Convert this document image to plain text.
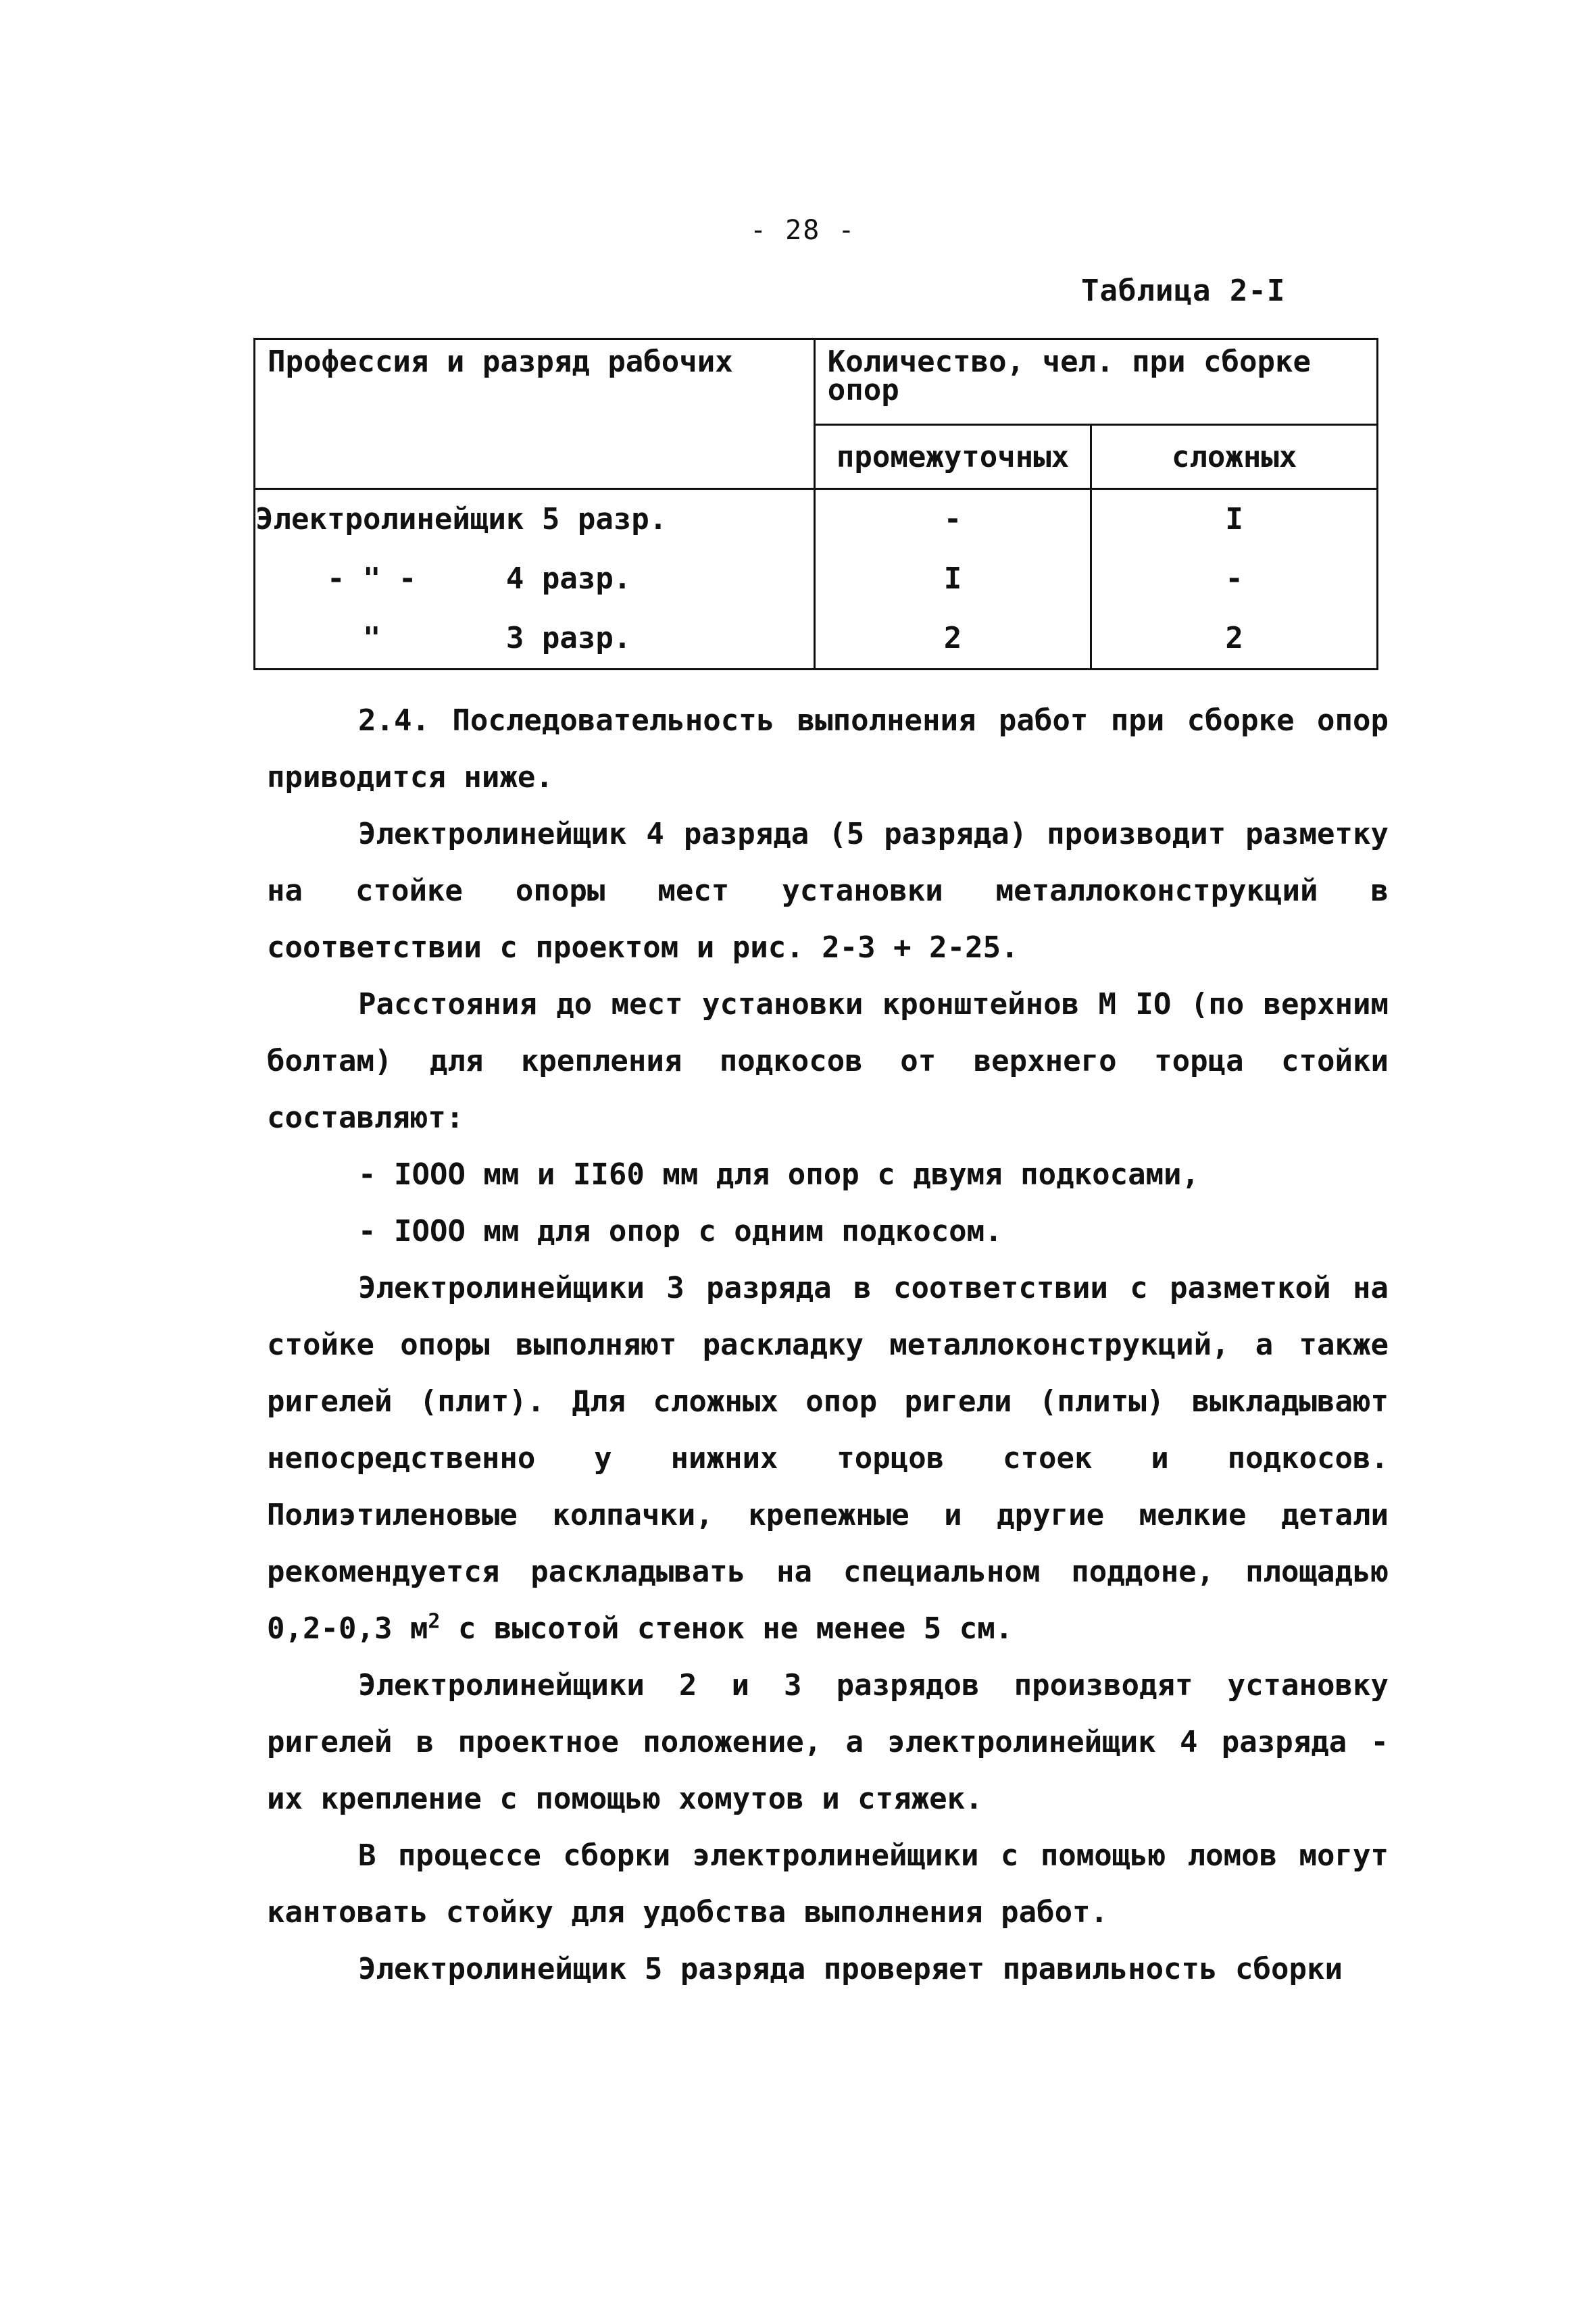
- 28 -
Таблица 2-I
Профессия и разряд рабочих	Количество, чел. при сборке опор	
	промежуточных	сложных
Электролинейщик 5 разр.	-	I
- " -     4 разр.	I	-
"       3 разр.	2	2

2.4. Последовательность выполнения работ при сборке опор приводится ниже.

Электролинейщик 4 разряда (5 разряда) производит разметку на стойке опоры мест установки металлоконструкций в соответствии с проектом и рис. 2-3 + 2-25.

Расстояния до мест установки кронштейнов М IO (по верхним болтам) для крепления подкосов от верхнего торца стойки составляют:

- IOOO мм и II60 мм для опор с двумя подкосами,

- IOOO мм для опор с одним подкосом.

Электролинейщики 3 разряда в соответствии с разметкой на стойке опоры выполняют раскладку металлоконструкций, а также ригелей (плит). Для сложных опор ригели (плиты) выкладывают непосредственно у нижних торцов стоек и подкосов. Полиэтиленовые колпачки, крепежные и другие мелкие детали рекомендуется раскладывать на специальном поддоне, площадью 0,2-0,3 $м^2$ с высотой стенок не менее 5 см.

Электролинейщики 2 и 3 разрядов производят установку ригелей в проектное положение, а электролинейщик 4 разряда - их крепление с помощью хомутов и стяжек.

В процессе сборки электролинейщики с помощью ломов могут кантовать стойку для удобства выполнения работ.

Электролинейщик 5 разряда проверяет правильность сборки
